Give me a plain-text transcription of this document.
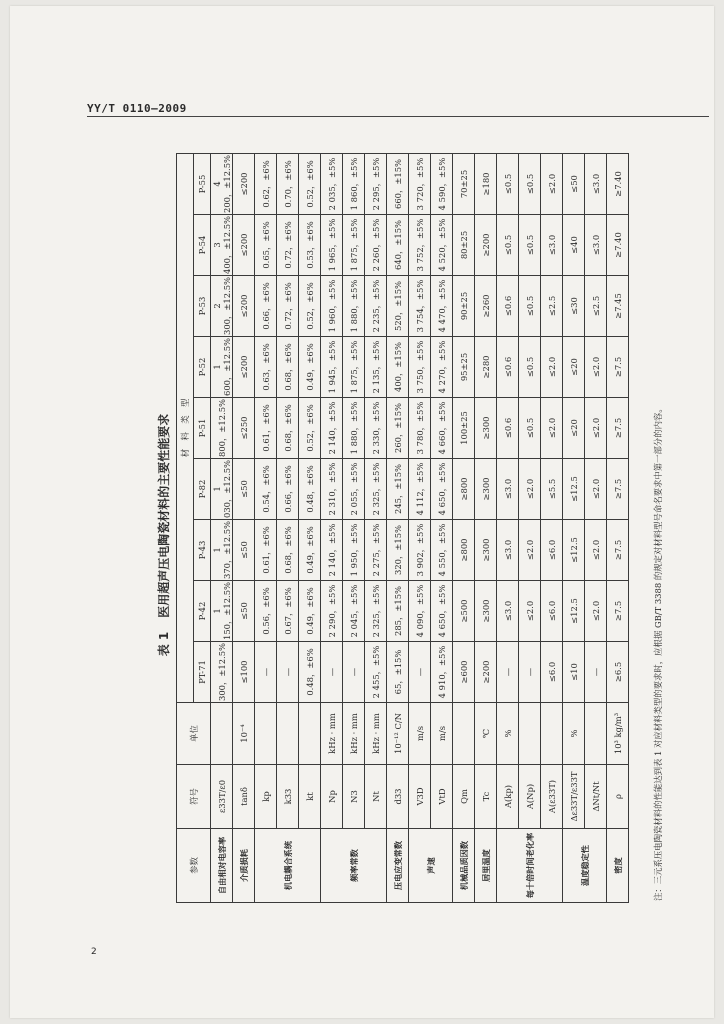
YY/T 0110—2009
2
表 1医用超声压电陶瓷材料的主要性能要求
参数	符号	单位	材　料　类　型								
			PT-71	P-42	P-43	P-82	P-51	P-52	P-53	P-54	P-55
自由相对电容率	ε33T/ε0		300，±12.5%	1 150，±12.5%	1 370，±12.5%	1 030，±12.5%	800，±12.5%	1 600，±12.5%	2 300，±12.5%	3 400，±12.5%	4 200，±12.5%
介质损耗	tanδ	10⁻⁴	≤100	≤50	≤50	≤50	≤250	≤200	≤200	≤200	≤200
机电耦合系统	kp		—	0.56，±6%	0.61，±6%	0.54，±6%	0.61，±6%	0.63，±6%	0.66，±6%	0.65，±6%	0.62，±6%
	k33		—	0.67，±6%	0.68，±6%	0.66，±6%	0.68，±6%	0.68，±6%	0.72，±6%	0.72，±6%	0.70，±6%
	kt		0.48，±6%	0.49，±6%	0.49，±6%	0.48，±6%	0.52，±6%	0.49，±6%	0.52，±6%	0.53，±6%	0.52，±6%
频率常数	Np	kHz · mm	—	2 290，±5%	2 140，±5%	2 310，±5%	2 140，±5%	1 945，±5%	1 960，±5%	1 965，±5%	2 035，±5%
	N3	kHz · mm	—	2 045，±5%	1 950，±5%	2 055，±5%	1 880，±5%	1 875，±5%	1 880，±5%	1 875，±5%	1 860，±5%
	Nt	kHz · mm	2 455，±5%	2 325，±5%	2 275，±5%	2 325，±5%	2 330，±5%	2 135，±5%	2 235，±5%	2 260，±5%	2 295，±5%
压电应变常数	d33	10⁻¹² C/N	65，±15%	285，±15%	320，±15%	245，±15%	260，±15%	400，±15%	520，±15%	640，±15%	660，±15%
声速	V3D	m/s	—	4 090，±5%	3 902，±5%	4 112，±5%	3 780，±5%	3 750，±5%	3 754，±5%	3 752，±5%	3 720，±5%
	VtD	m/s	4 910，±5%	4 650，±5%	4 550，±5%	4 650，±5%	4 660，±5%	4 270，±5%	4 470，±5%	4 520，±5%	4 590，±5%
机械品质因数	Qm		≥600	≥500	≥800	≥800	100±25	95±25	90±25	80±25	70±25
居里温度	Tc	℃	≥200	≥300	≥300	≥300	≥300	≥280	≥260	≥200	≥180
每十倍时间老化率	A(kp)	%	—	≤3.0	≤3.0	≤3.0	≤0.6	≤0.6	≤0.6	≤0.5	≤0.5
	A(Np)		—	≤2.0	≤2.0	≤2.0	≤0.5	≤0.5	≤0.5	≤0.5	≤0.5
	A(ε33T)		≤6.0	≤6.0	≤6.0	≤5.5	≤2.0	≤2.0	≤2.5	≤3.0	≤2.0
温度稳定性	Δε33T/ε33T	%	≤10	≤12.5	≤12.5	≤12.5	≤20	≤20	≤30	≤40	≤50
	ΔNt/Nt		—	≤2.0	≤2.0	≤2.0	≤2.0	≤2.0	≤2.5	≤3.0	≤3.0
密度	ρ	10³ kg/m³	≥6.5	≥7.5	≥7.5	≥7.5	≥7.5	≥7.5	≥7.45	≥7.40	≥7.40
注：三元系压电陶瓷材料的性能达到表 1 对应材料类型的要求时，应根据 GB/T 3388 的规定对材料型号命名要求中第一部分的内容。
